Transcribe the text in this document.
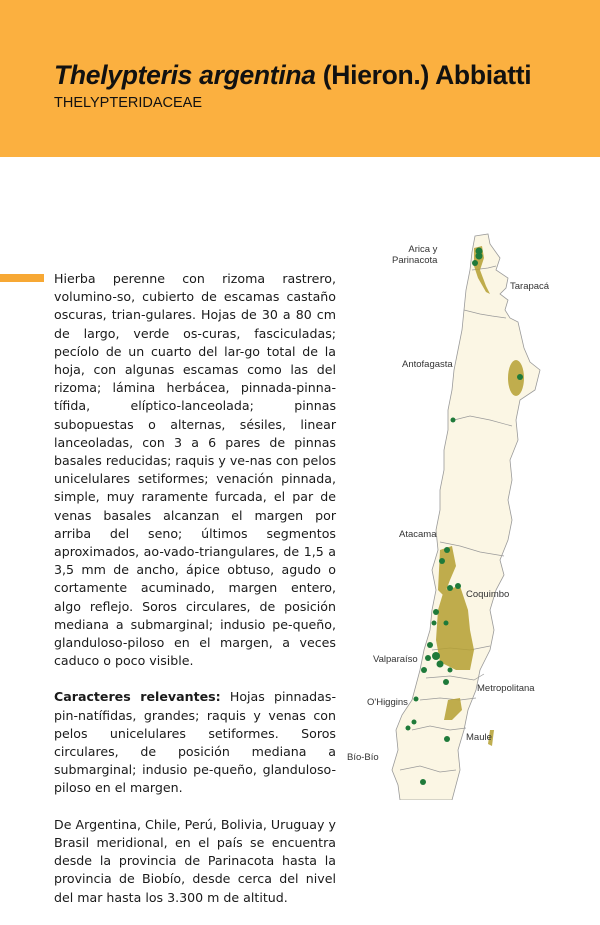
Thelypteris argentina (Hieron.) Abbiatti
THELYPTERIDACEAE

Hierba perenne con rizoma rastrero, volumino-so, cubierto de escamas castaño oscuras, trian-gulares. Hojas de 30 a 80 cm de largo, verde os-curas, fasciculadas; pecíolo de un cuarto del lar-go total de la hoja, con algunas escamas como las del rizoma; lámina herbácea, pinnada-pinna-tífida, elíptico-lanceolada; pinnas subopuestas o alternas, sésiles, linear lanceoladas, con 3 a 6 pares de pinnas basales reducidas; raquis y ve-nas con pelos unicelulares setiformes; venación pinnada, simple, muy raramente furcada, el par de venas basales alcanzan el margen por arriba del seno; últimos segmentos aproximados, ao-vado-triangulares, de 1,5 a 3,5 mm de ancho, ápice obtuso, agudo o cortamente acuminado, margen entero, algo reflejo. Soros circulares, de posición mediana a submarginal; indusio pe-queño, glanduloso-piloso en el margen, a veces caduco o poco visible.

Caracteres relevantes: Hojas pinnadas-pin-natífidas, grandes; raquis y venas con pelos unicelulares setiformes. Soros circulares, de posición mediana a submarginal; indusio pe-queño, glanduloso-piloso en el margen.

De Argentina, Chile, Perú, Bolivia, Uruguay y Brasil meridional, en el país se encuentra desde la provincia de Parinacota hasta la provincia de Biobío, desde cerca del nivel del mar hasta los 3.300 m de altitud.

Arica y
Parinacota
Tarapacá
Antofagasta
Atacama
Coquimbo
Valparaíso
Metropolitana
O'Higgins
Maule
Bío-Bío
